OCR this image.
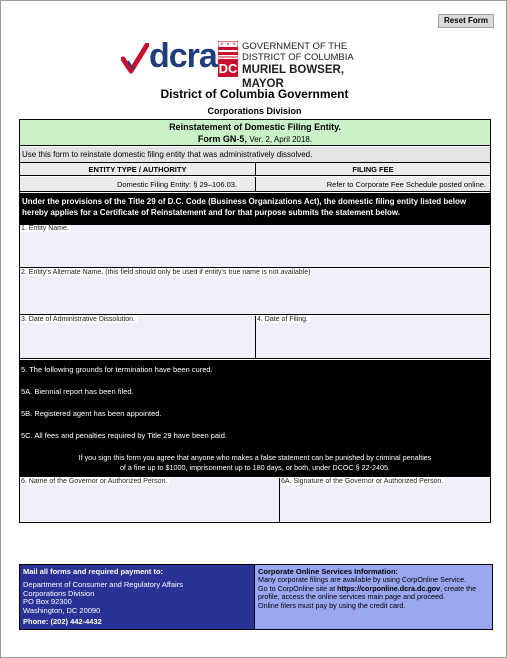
Reset Form
dcra DC
GOVERNMENT OF THE
DISTRICT OF COLUMBIA
MURIEL BOWSER, MAYOR
District of Columbia Government
Corporations Division
Reinstatement of Domestic Filing Entity.
Form GN-5, Ver. 2, April 2018.
Use this form to reinstate domestic filing entity that was administratively dissolved.
ENTITY TYPE / AUTHORITY	FILING FEE
Domestic Filing Entity: § 29–106.03.	Refer to Corporate Fee Schedule posted online.
Under the provisions of the Title 29 of D.C. Code (Business Organizations Act), the domestic filing entity listed below hereby applies for a Certificate of Reinstatement and for that purpose submits the statement below.
1. Entity Name.
2. Entity's Alternate Name. (this field should only be used if entity's true name is not available)
3. Date of Administrative Dissolution.	4. Date of Filing.
5. The following grounds for termination have been cured.
5A. Biennial report has been filed.
5B. Registered agent has been appointed.
5C. All fees and penalties required by Title 29 have been paid.
If you sign this form you agree that anyone who makes a false statement can be punished by criminal penalties
of a fine up to $1000, imprisonment up to 180 days, or both, under DCOC § 22-2405.
6. Name of the Governor or Authorized Person.	6A. Signature of the Governor or Authorized Person.
Mail all forms and required payment to:
Department of Consumer and Regulatory Affairs
Corporations Division
PO Box 92300
Washington, DC 20090
Phone: (202) 442-4432
Corporate Online Services Information:
Many corporate filings are available by using CorpOnline Service.
Go to CorpOnline site at https://corponline.dcra.dc.gov, create the profile, access the online services main page and proceed.
Online filers must pay by using the credit card.
